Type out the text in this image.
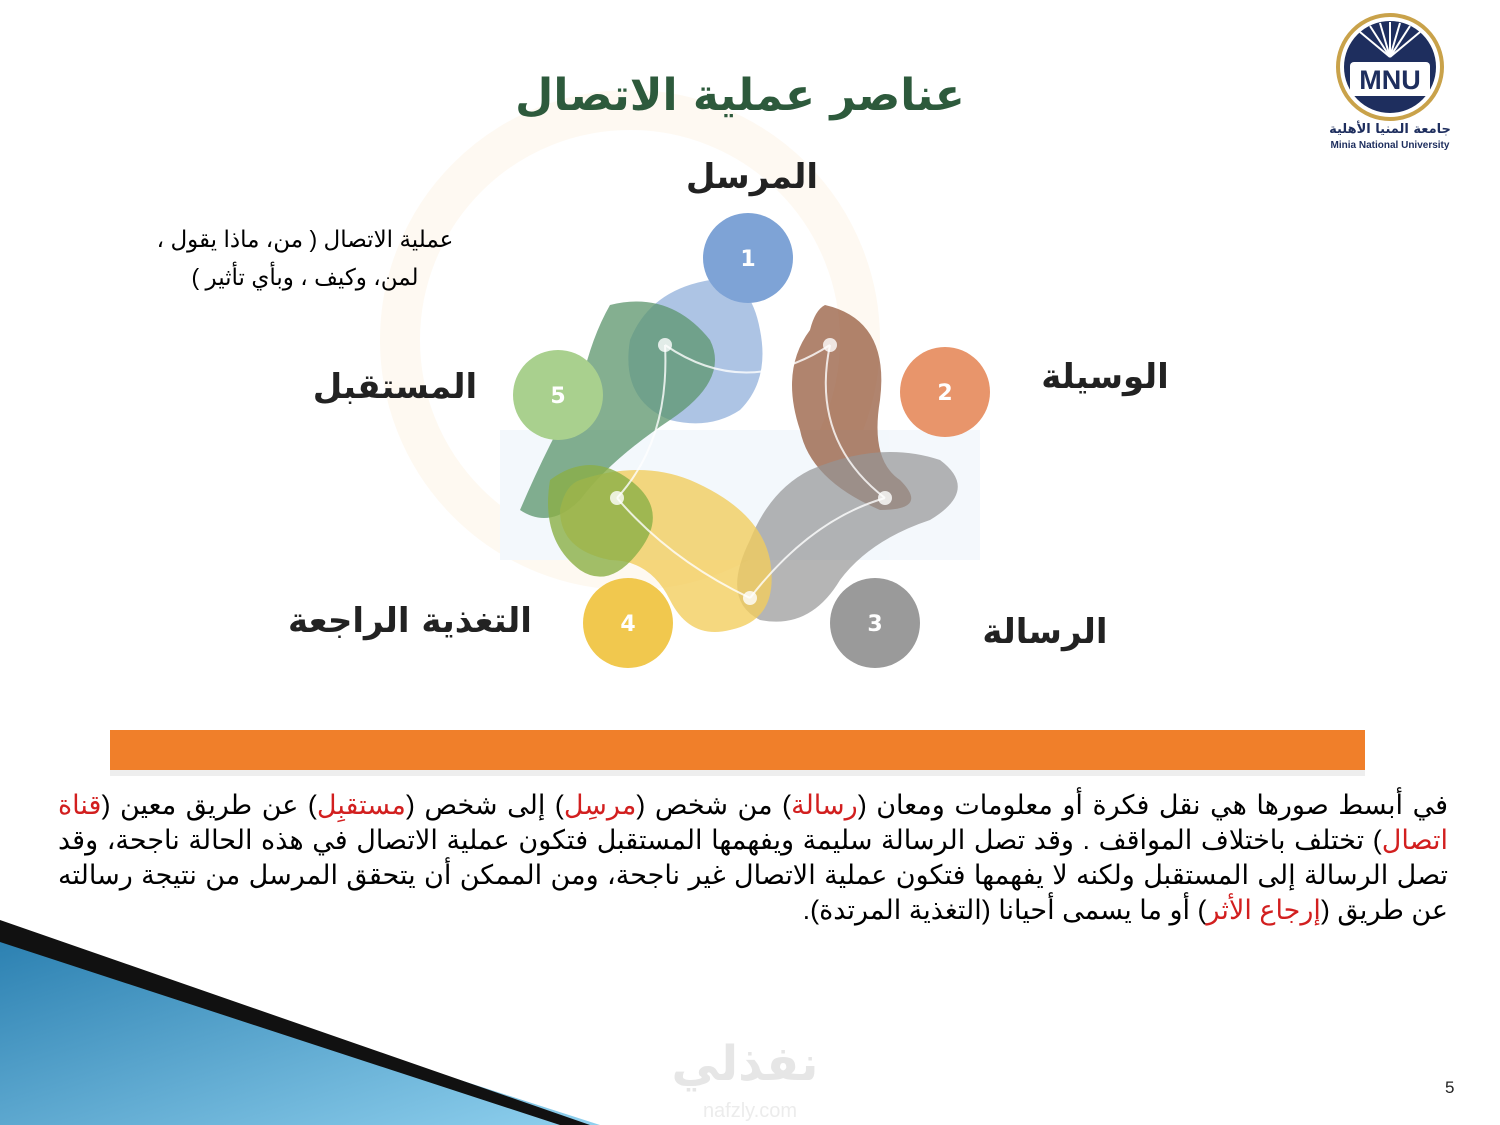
MNU
جامعة المنيا الأهلية
Minia National University
عناصر عملية الاتصال
1
2
3
4
5
المرسل
الوسيلة
الرسالة
التغذية الراجعة
المستقبل
عملية الاتصال ( من، ماذا يقول ،
لمن، وكيف ، وبأي تأثير )
في أبسط صورها هي نقل فكرة أو معلومات ومعان (رسالة) من شخص (مرسِل) إلى شخص (مستقبِل) عن طريق معين (قناة اتصال) تختلف باختلاف المواقف . وقد تصل الرسالة سليمة ويفهمها المستقبل فتكون عملية الاتصال في هذه الحالة ناجحة، وقد تصل الرسالة إلى المستقبل ولكنه لا يفهمها فتكون عملية الاتصال غير ناجحة، ومن الممكن أن يتحقق المرسل من نتيجة رسالته عن طريق (إرجاع الأثر) أو ما يسمى أحيانا (التغذية المرتدة).
نفذلي
nafzly.com
5
